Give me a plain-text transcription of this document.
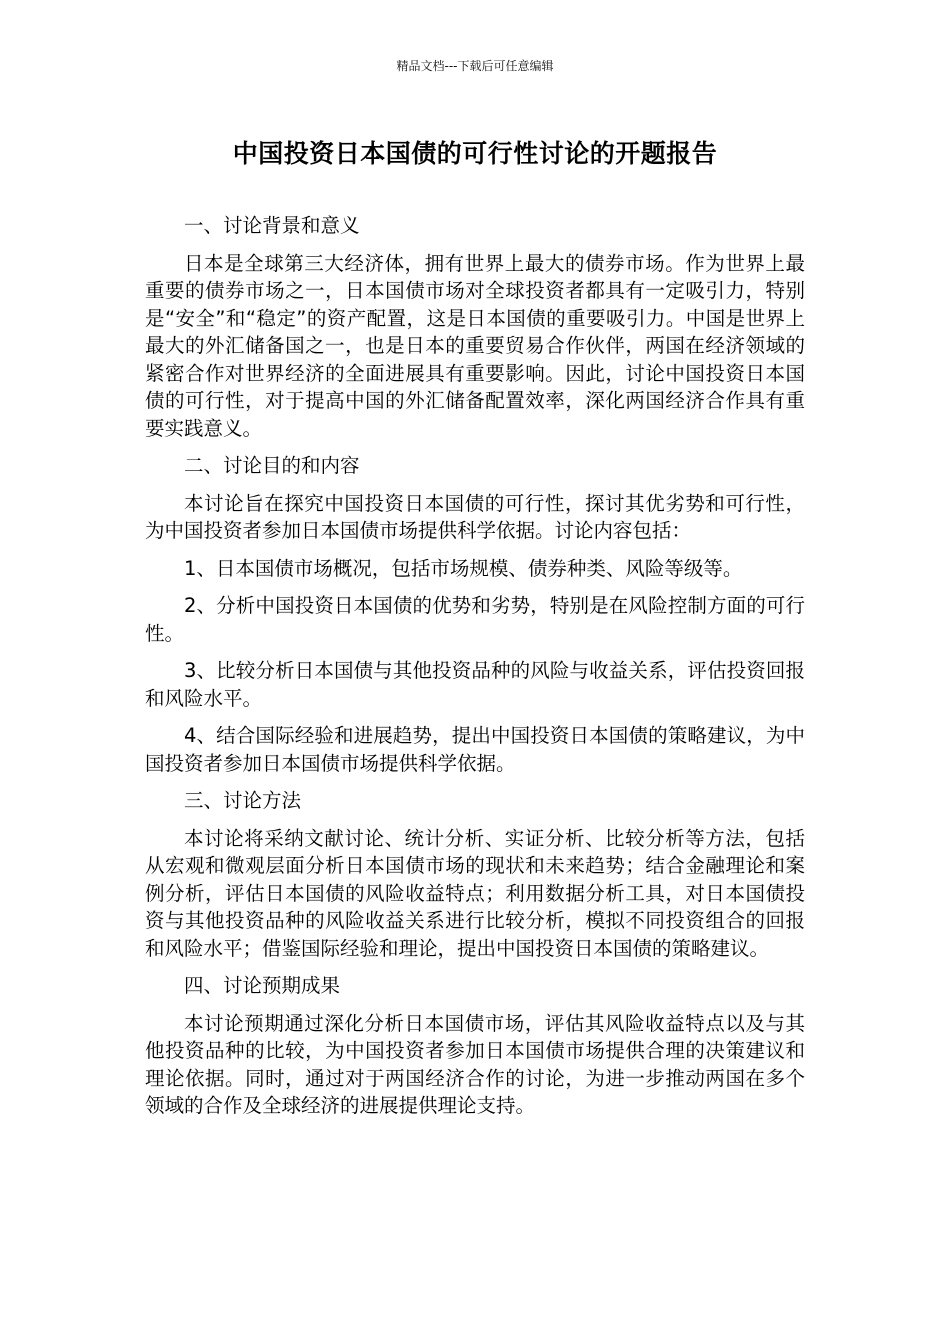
精品文档---下载后可任意编辑
中国投资日本国债的可行性讨论的开题报告

一、讨论背景和意义

日本是全球第三大经济体，拥有世界上最大的债券市场。作为世界上最重要的债券市场之一，日本国债市场对全球投资者都具有一定吸引力，特别是“安全”和“稳定”的资产配置，这是日本国债的重要吸引力。中国是世界上最大的外汇储备国之一，也是日本的重要贸易合作伙伴，两国在经济领域的紧密合作对世界经济的全面进展具有重要影响。因此，讨论中国投资日本国债的可行性，对于提高中国的外汇储备配置效率，深化两国经济合作具有重要实践意义。

二、讨论目的和内容

本讨论旨在探究中国投资日本国债的可行性，探讨其优劣势和可行性，为中国投资者参加日本国债市场提供科学依据。讨论内容包括：

1、日本国债市场概况，包括市场规模、债券种类、风险等级等。

2、分析中国投资日本国债的优势和劣势，特别是在风险控制方面的可行性。

3、比较分析日本国债与其他投资品种的风险与收益关系，评估投资回报和风险水平。

4、结合国际经验和进展趋势，提出中国投资日本国债的策略建议，为中国投资者参加日本国债市场提供科学依据。

三、讨论方法

本讨论将采纳文献讨论、统计分析、实证分析、比较分析等方法，包括从宏观和微观层面分析日本国债市场的现状和未来趋势；结合金融理论和案例分析，评估日本国债的风险收益特点；利用数据分析工具，对日本国债投资与其他投资品种的风险收益关系进行比较分析，模拟不同投资组合的回报和风险水平；借鉴国际经验和理论，提出中国投资日本国债的策略建议。

四、讨论预期成果

本讨论预期通过深化分析日本国债市场，评估其风险收益特点以及与其他投资品种的比较，为中国投资者参加日本国债市场提供合理的决策建议和理论依据。同时，通过对于两国经济合作的讨论，为进一步推动两国在多个领域的合作及全球经济的进展提供理论支持。
